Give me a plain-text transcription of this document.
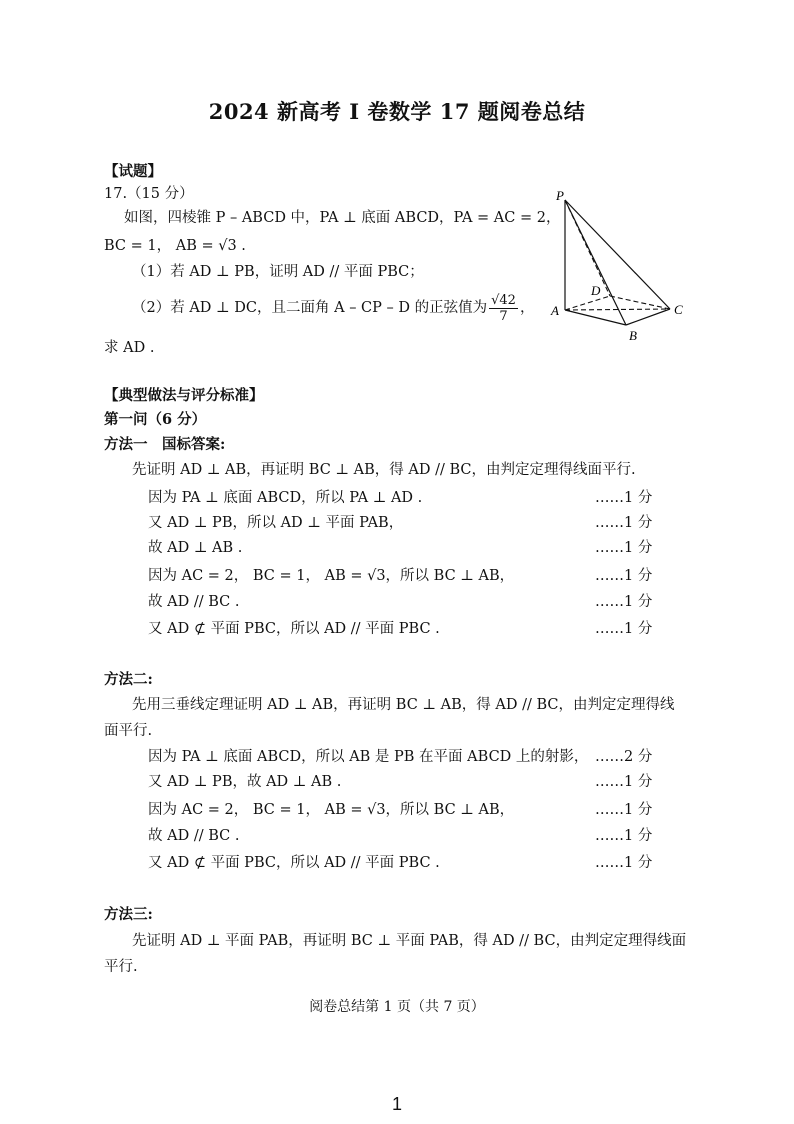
2024 新高考 I 卷数学 17 题阅卷总结
【试题】
17.（15 分）
如图，四棱锥 P – ABCD 中，PA ⊥ 底面 ABCD，PA = AC = 2，
BC = 1， AB = √3 .
（1）若 AD ⊥ PB，证明 AD // 平面 PBC；
（2）若 AD ⊥ DC，且二面角 A – CP – D 的正弦值为 $\frac{√42}{7}$ ，
求 AD .
P
A
B
C
D
【典型做法与评分标准】
第一问（6 分）
方法一　国标答案:
先证明 AD ⊥ AB，再证明 BC ⊥ AB，得 AD // BC，由判定定理得线面平行.
因为 PA ⊥ 底面 ABCD，所以 PA ⊥ AD .	……1 分
又 AD ⊥ PB，所以 AD ⊥ 平面 PAB，	……1 分
故 AD ⊥ AB .	……1 分
因为 AC = 2， BC = 1， AB = √3，所以 BC ⊥ AB，	……1 分
故 AD // BC .	……1 分
又 AD ⊄ 平面 PBC，所以 AD // 平面 PBC .	……1 分
方法二:
先用三垂线定理证明 AD ⊥ AB，再证明 BC ⊥ AB，得 AD // BC，由判定定理得线
面平行.
因为 PA ⊥ 底面 ABCD，所以 AB 是 PB 在平面 ABCD 上的射影， ……2 分
又 AD ⊥ PB，故 AD ⊥ AB .	……1 分
因为 AC = 2， BC = 1， AB = √3，所以 BC ⊥ AB，	……1 分
故 AD // BC .	……1 分
又 AD ⊄ 平面 PBC，所以 AD // 平面 PBC .	……1 分
方法三:
先证明 AD ⊥ 平面 PAB，再证明 BC ⊥ 平面 PAB，得 AD // BC，由判定定理得线面
平行.
阅卷总结第 1 页（共 7 页）
1
